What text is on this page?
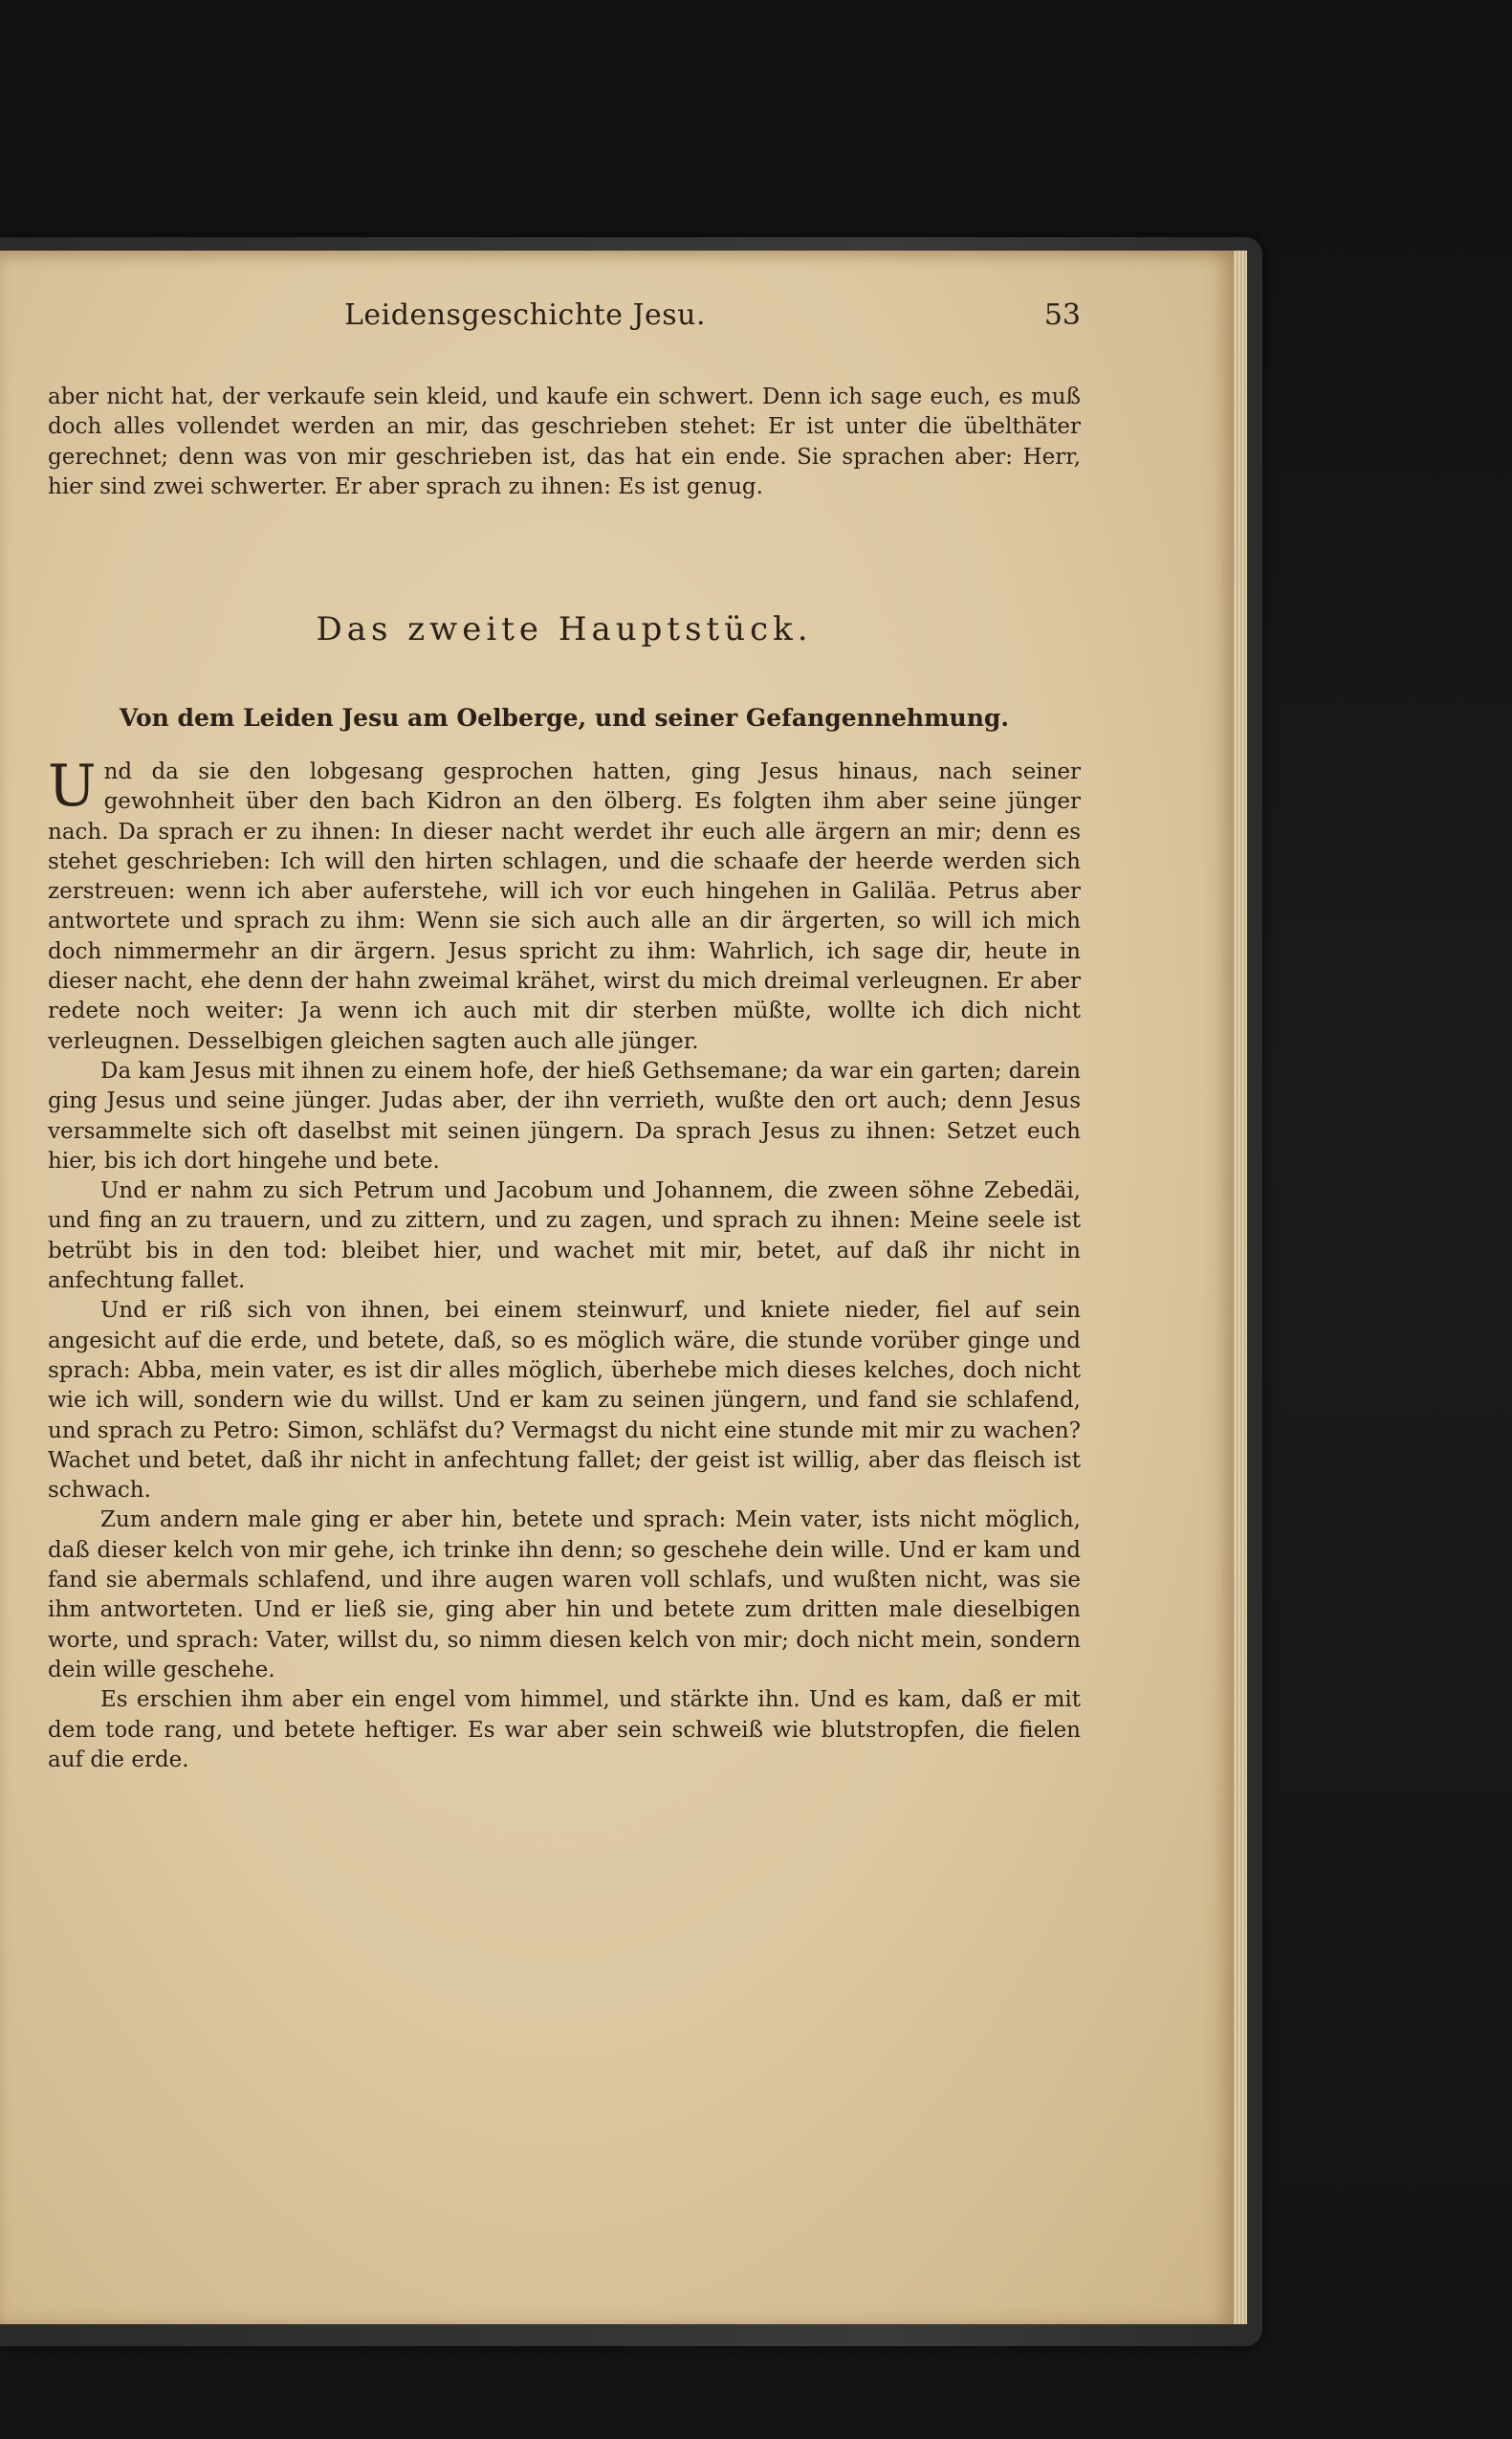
Leidensgeschichte Jesu.	53

aber nicht hat, der verkaufe sein kleid, und kaufe ein schwert. Denn ich sage euch, es muß doch alles vollendet werden an mir, das geschrieben stehet: Er ist unter die übelthäter gerechnet; denn was von mir geschrieben ist, das hat ein ende. Sie sprachen aber: Herr, hier sind zwei schwerter. Er aber sprach zu ihnen: Es ist genug.

Das zweite Hauptstück.
Von dem Leiden Jesu am Oelberge, und seiner Gefangennehmung.

Und da sie den lobgesang gesprochen hatten, ging Jesus hinaus, nach seiner gewohnheit über den bach Kidron an den ölberg. Es folgten ihm aber seine jünger nach. Da sprach er zu ihnen: In dieser nacht werdet ihr euch alle ärgern an mir; denn es stehet geschrieben: Ich will den hirten schlagen, und die schaafe der heerde werden sich zerstreuen: wenn ich aber auferstehe, will ich vor euch hingehen in Galiläa. Petrus aber antwortete und sprach zu ihm: Wenn sie sich auch alle an dir ärgerten, so will ich mich doch nimmermehr an dir ärgern. Jesus spricht zu ihm: Wahrlich, ich sage dir, heute in dieser nacht, ehe denn der hahn zweimal krähet, wirst du mich dreimal verleugnen. Er aber redete noch weiter: Ja wenn ich auch mit dir sterben müßte, wollte ich dich nicht verleugnen. Desselbigen gleichen sagten auch alle jünger.

Da kam Jesus mit ihnen zu einem hofe, der hieß Gethsemane; da war ein garten; darein ging Jesus und seine jünger. Judas aber, der ihn verrieth, wußte den ort auch; denn Jesus versammelte sich oft daselbst mit seinen jüngern. Da sprach Jesus zu ihnen: Setzet euch hier, bis ich dort hingehe und bete.

Und er nahm zu sich Petrum und Jacobum und Johannem, die zween söhne Zebedäi, und fing an zu trauern, und zu zittern, und zu zagen, und sprach zu ihnen: Meine seele ist betrübt bis in den tod: bleibet hier, und wachet mit mir, betet, auf daß ihr nicht in anfechtung fallet.

Und er riß sich von ihnen, bei einem steinwurf, und kniete nieder, fiel auf sein angesicht auf die erde, und betete, daß, so es möglich wäre, die stunde vorüber ginge und sprach: Abba, mein vater, es ist dir alles möglich, überhebe mich dieses kelches, doch nicht wie ich will, sondern wie du willst. Und er kam zu seinen jüngern, und fand sie schlafend, und sprach zu Petro: Simon, schläfst du? Vermagst du nicht eine stunde mit mir zu wachen? Wachet und betet, daß ihr nicht in anfechtung fallet; der geist ist willig, aber das fleisch ist schwach.

Zum andern male ging er aber hin, betete und sprach: Mein vater, ists nicht möglich, daß dieser kelch von mir gehe, ich trinke ihn denn; so geschehe dein wille. Und er kam und fand sie abermals schlafend, und ihre augen waren voll schlafs, und wußten nicht, was sie ihm antworteten. Und er ließ sie, ging aber hin und betete zum dritten male dieselbigen worte, und sprach: Vater, willst du, so nimm diesen kelch von mir; doch nicht mein, sondern dein wille geschehe.

Es erschien ihm aber ein engel vom himmel, und stärkte ihn. Und es kam, daß er mit dem tode rang, und betete heftiger. Es war aber sein schweiß wie blutstropfen, die fielen auf die erde.
